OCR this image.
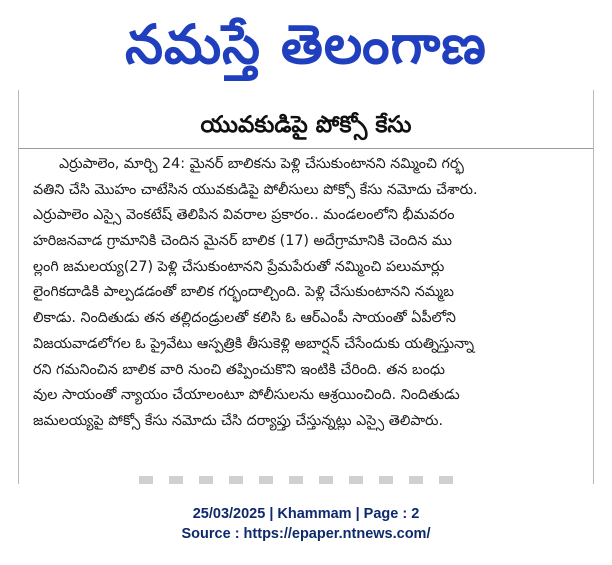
నమస్తే తెలంగాణ
యువకుడిపై పోక్సో కేసు
ఎర్రుపాలెం, మార్చి 24: మైనర్ బాలికను పెళ్లి చేసుకుంటానని నమ్మించి గర్భ
వతిని చేసి మొహం చాటేసిన యువకుడిపై పోలీసులు పోక్సో కేసు నమోదు చేశారు.
ఎర్రుపాలెం ఎస్సై వెంకటేష్ తెలిపిన వివరాల ప్రకారం.. మండలంలోని భీమవరం
హరిజనవాడ గ్రామానికి చెందిన మైనర్ బాలిక (17) అదేగ్రామానికి చెందిన ము
ల్లంగి జమలయ్య(27) పెళ్లి చేసుకుంటానని ప్రేమపేరుతో నమ్మించి పలుమార్లు
లైంగికదాడికి పాల్పడడంతో బాలిక గర్భందాల్చింది. పెళ్లి చేసుకుంటానని నమ్మబ
లికాడు. నిందితుడు తన తల్లిదండ్రులతో కలిసి ఓ ఆర్ఎంపీ సాయంతో ఏపీలోని
విజయవాడలోగల ఓ ప్రైవేటు ఆస్పత్రికి తీసుకెళ్లి అబార్షన్ చేసేందుకు యత్నిస్తున్నా
రని గమనించిన బాలిక వారి నుంచి తప్పించుకొని ఇంటికి చేరింది. తన బంధు
వుల సాయంతో న్యాయం చేయాలంటూ పోలీసులను ఆశ్రయించింది. నిందితుడు
జమలయ్యపై పోక్సో కేసు నమోదు చేసి దర్యాప్తు చేస్తున్నట్లు ఎస్సై తెలిపారు.
25/03/2025 | Khammam | Page : 2
Source : https://epaper.ntnews.com/
